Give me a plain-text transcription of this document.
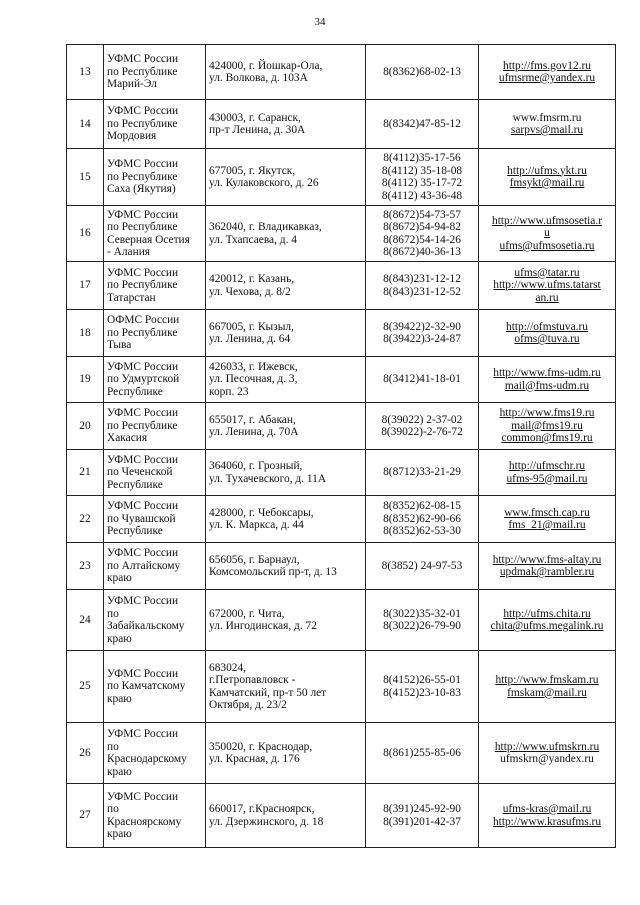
34
13	УФМС России
по Республике
Марий-Эл	424000, г. Йошкар-Ола,
ул. Волкова, д. 103А	8(8362)68-02-13	http://fms.gov12.ru
ufmsrme@yandex.ru

14	УФМС России
по Республике
Мордовия	430003, г. Саранск,
пр-т Ленина, д. 30А	8(8342)47-85-12	www.fmsrm.ru
sarpvs@mail.ru

15	УФМС России
по Республике
Саха (Якутия)	677005, г. Якутск,
ул. Кулаковского, д. 26	8(4112)35-17-56
8(4112) 35-18-08
8(4112) 35-17-72
8(4112) 43-36-48	http://ufms.ykt.ru
fmsykt@mail.ru

16	УФМС России
по Республике
Северная Осетия
- Алания	362040, г. Владикавказ,
ул. Тхапсаева, д. 4	8(8672)54-73-57
8(8672)54-94-82
8(8672)54-14-26
8(8672)40-36-13	http://www.ufmsosetia.r
u
ufms@ufmsosetia.ru

17	УФМС России
по Республике
Татарстан	420012, г. Казань,
ул. Чехова, д. 8/2	8(843)231-12-12
8(843)231-12-52	ufms@tatar.ru
http://www.ufms.tatarst
an.ru

18	ОФМС России
по Республике
Тыва	667005, г. Кызыл,
ул. Ленина, д. 64	8(39422)2-32-90
8(39422)3-24-87	http://ofmstuva.ru
ofms@tuva.ru

19	УФМС России
по Удмуртской
Республике	426033, г. Ижевск,
ул. Песочная, д. 3,
корп. 23	8(3412)41-18-01	http://www.fms-udm.ru
mail@fms-udm.ru

20	УФМС России
по Республике
Хакасия	655017, г. Абакан,
ул. Ленина, д. 70А	8(39022) 2-37-02
8(39022)-2-76-72	http://www.fms19.ru
mail@fms19.ru
common@fms19.ru

21	УФМС России
по Чеченской
Республике	364060, г. Грозный,
ул. Тухачевского, д. 11А	8(8712)33-21-29	http://ufmschr.ru
ufms-95@mail.ru

22	УФМС России
по Чувашской
Республике	428000, г. Чебоксары,
ул. К. Маркса, д. 44	8(8352)62-08-15
8(8352)62-90-66
8(8352)62-53-30	www.fmsch.cap.ru
fms_21@mail.ru

23	УФМС России
по Алтайскому
краю	656056, г. Барнаул,
Комсомольский пр-т, д. 13	8(3852) 24-97-53	http://www.fms-altay.ru
updmak@rambler.ru

24	УФМС России
по
Забайкальскому
краю	672000, г. Чита,
ул. Ингодинская, д. 72	8(3022)35-32-01
8(3022)26-79-90	http://ufms.chita.ru
chita@ufms.megalink.ru

25	УФМС России
по Камчатскому
краю	683024,
г.Петропавловск -
Камчатский, пр-т 50 лет
Октября, д. 23/2	8(4152)26-55-01
8(4152)23-10-83	http://www.fmskam.ru
fmskam@mail.ru

26	УФМС России
по
Краснодарскому
краю	350020, г. Краснодар,
ул. Красная, д. 176	8(861)255-85-06	http://www.ufmskrn.ru
ufmskrn@yandex.ru

27	УФМС России
по
Красноярскому
краю	660017, г.Красноярск,
ул. Дзержинского, д. 18	8(391)245-92-90
8(391)201-42-37	ufms-kras@mail.ru
http://www.krasufms.ru
